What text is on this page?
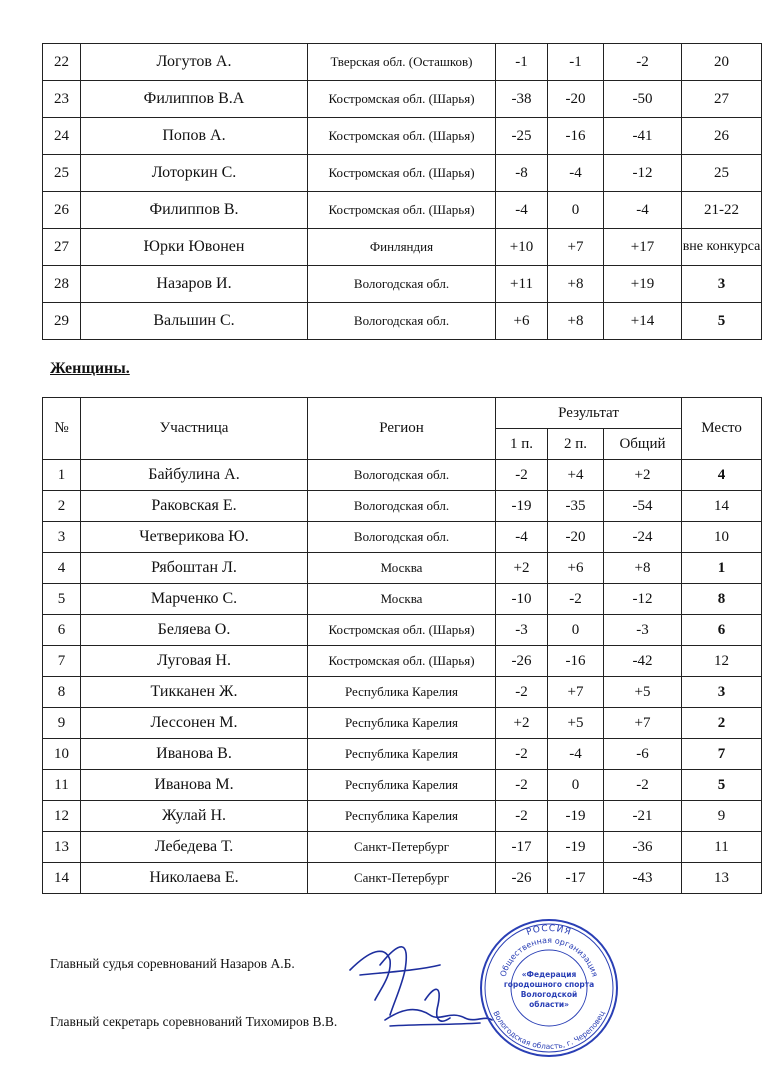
22	Логутов А.	Тверская обл. (Осташков)	-1	-1	-2	20
23	Филиппов В.А	Костромская обл. (Шарья)	-38	-20	-50	27
24	Попов А.	Костромская обл. (Шарья)	-25	-16	-41	26
25	Лоторкин С.	Костромская обл. (Шарья)	-8	-4	-12	25
26	Филиппов В.	Костромская обл. (Шарья)	-4	0	-4	21-22
27	Юрки Ювонен	Финляндия	+10	+7	+17	вне конкурса
28	Назаров И.	Вологодская обл.	+11	+8	+19	3
29	Вальшин С.	Вологодская обл.	+6	+8	+14	5
Женщины.
№	Участница	Регион	Результат			Место
			1 п.	2 п.	Общий	
1	Байбулина А.	Вологодская обл.	-2	+4	+2	4
2	Раковская Е.	Вологодская обл.	-19	-35	-54	14
3	Четверикова Ю.	Вологодская обл.	-4	-20	-24	10
4	Рябоштан Л.	Москва	+2	+6	+8	1
5	Марченко С.	Москва	-10	-2	-12	8
6	Беляева О.	Костромская обл. (Шарья)	-3	0	-3	6
7	Луговая Н.	Костромская обл. (Шарья)	-26	-16	-42	12
8	Тикканен Ж.	Республика Карелия	-2	+7	+5	3
9	Лессонен М.	Республика Карелия	+2	+5	+7	2
10	Иванова В.	Республика Карелия	-2	-4	-6	7
11	Иванова М.	Республика Карелия	-2	0	-2	5
12	Жулай Н.	Республика Карелия	-2	-19	-21	9
13	Лебедева Т.	Санкт-Петербург	-17	-19	-36	11
14	Николаева Е.	Санкт-Петербург	-26	-17	-43	13
Главный судья соревнований Назаров А.Б.
Главный секретарь соревнований Тихомиров В.В.
РОССИЯ
Общественная организация
Вологодская область, г. Череповец
«Федерация
городошного спорта
Вологодской
области»
